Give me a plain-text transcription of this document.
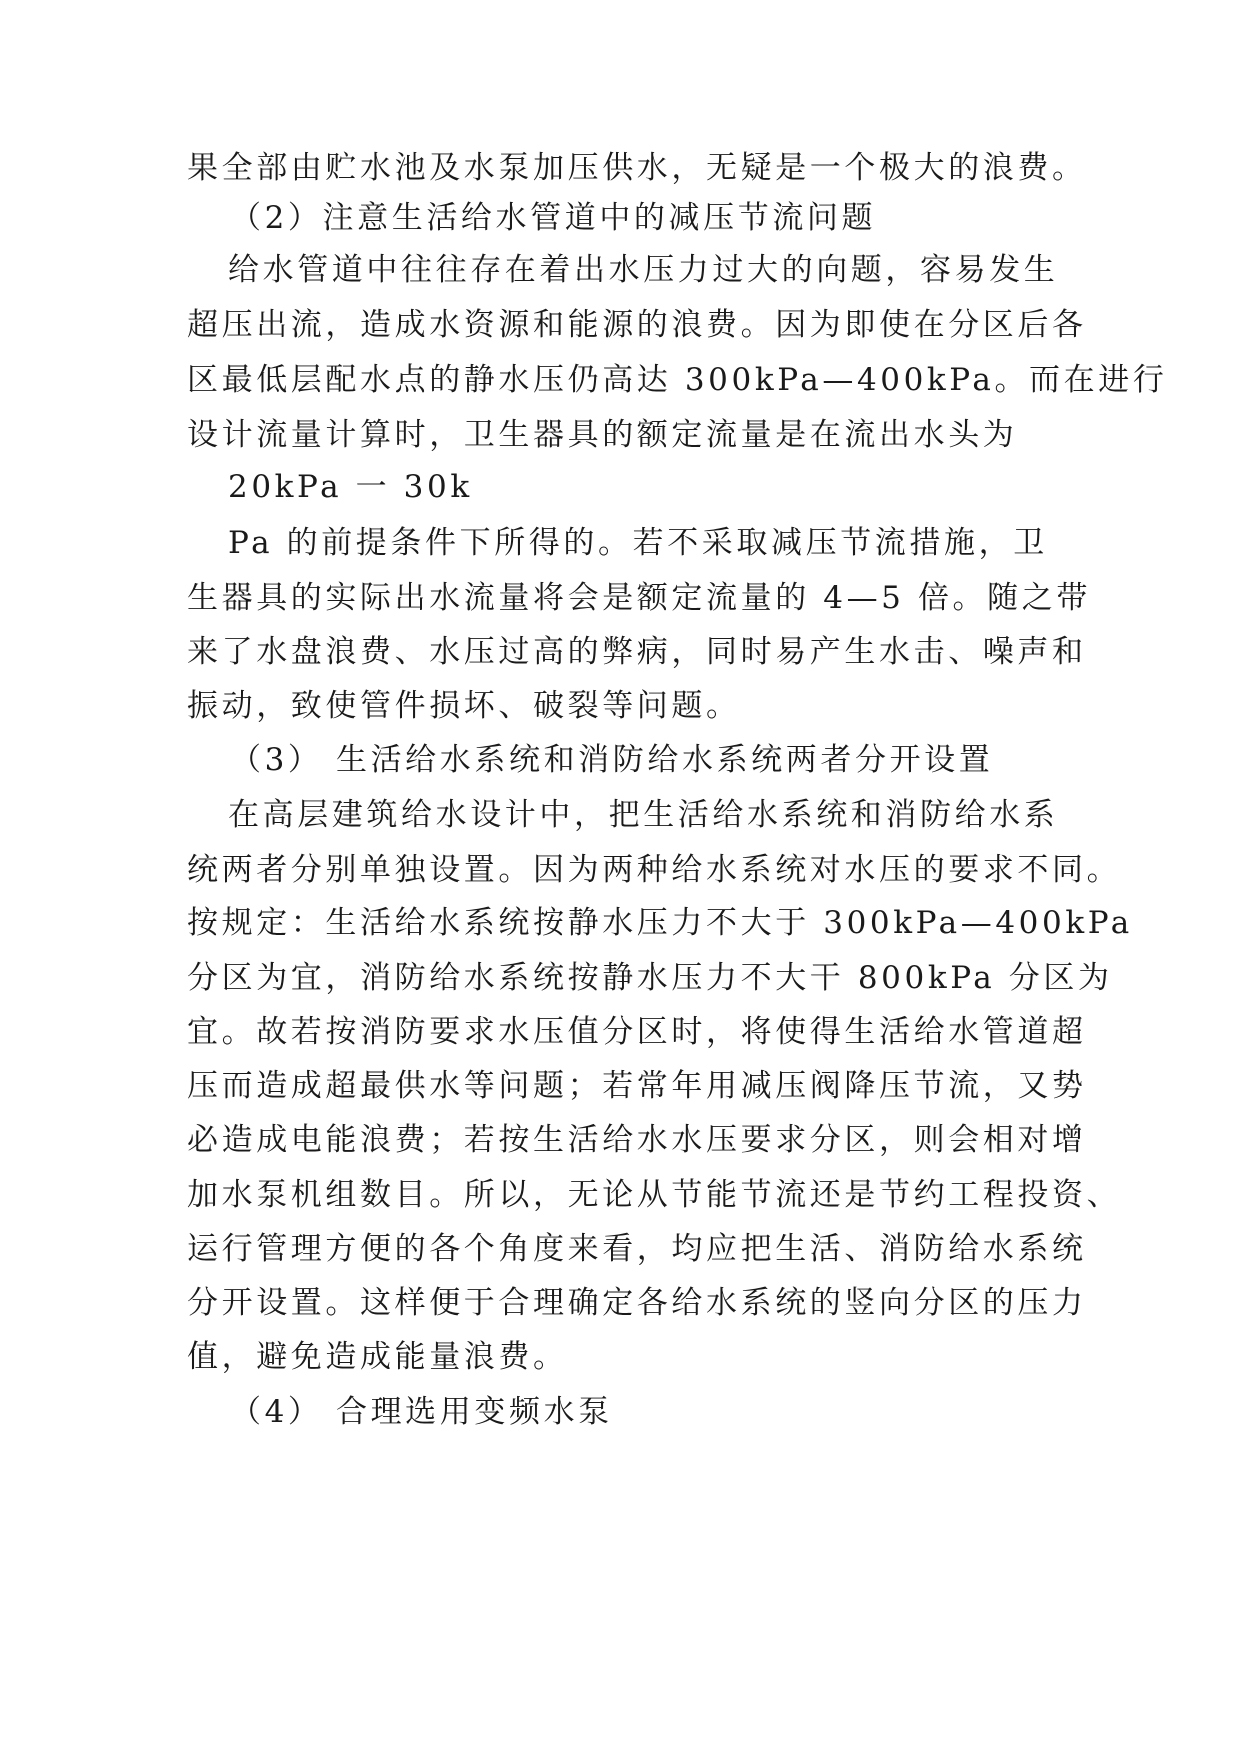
果全部由贮水池及水泵加压供水，无疑是一个极大的浪费。
（2）注意生活给水管道中的减压节流问题
给水管道中往往存在着出水压力过大的向题，容易发生
超压出流，造成水资源和能源的浪费。因为即使在分区后各
区最低层配水点的静水压仍高达 300kPa—400kPa。而在进行
设计流量计算时，卫生器具的额定流量是在流出水头为
20kPa 一 30k
Pa 的前提条件下所得的。若不采取减压节流措施，卫
生器具的实际出水流量将会是额定流量的 4—5 倍。随之带
来了水盘浪费、水压过高的弊病，同时易产生水击、噪声和
振动，致使管件损坏、破裂等问题。
（3） 生活给水系统和消防给水系统两者分开设置
在高层建筑给水设计中，把生活给水系统和消防给水系
统两者分别单独设置。因为两种给水系统对水压的要求不同。
按规定：生活给水系统按静水压力不大于 300kPa—400kPa
分区为宜，消防给水系统按静水压力不大干 800kPa 分区为
宜。故若按消防要求水压值分区时，将使得生活给水管道超
压而造成超最供水等问题；若常年用减压阀降压节流，又势
必造成电能浪费；若按生活给水水压要求分区，则会相对增
加水泵机组数目。所以，无论从节能节流还是节约工程投资、
运行管理方便的各个角度来看，均应把生活、消防给水系统
分开设置。这样便于合理确定各给水系统的竖向分区的压力
值，避免造成能量浪费。
（4） 合理选用变频水泵
